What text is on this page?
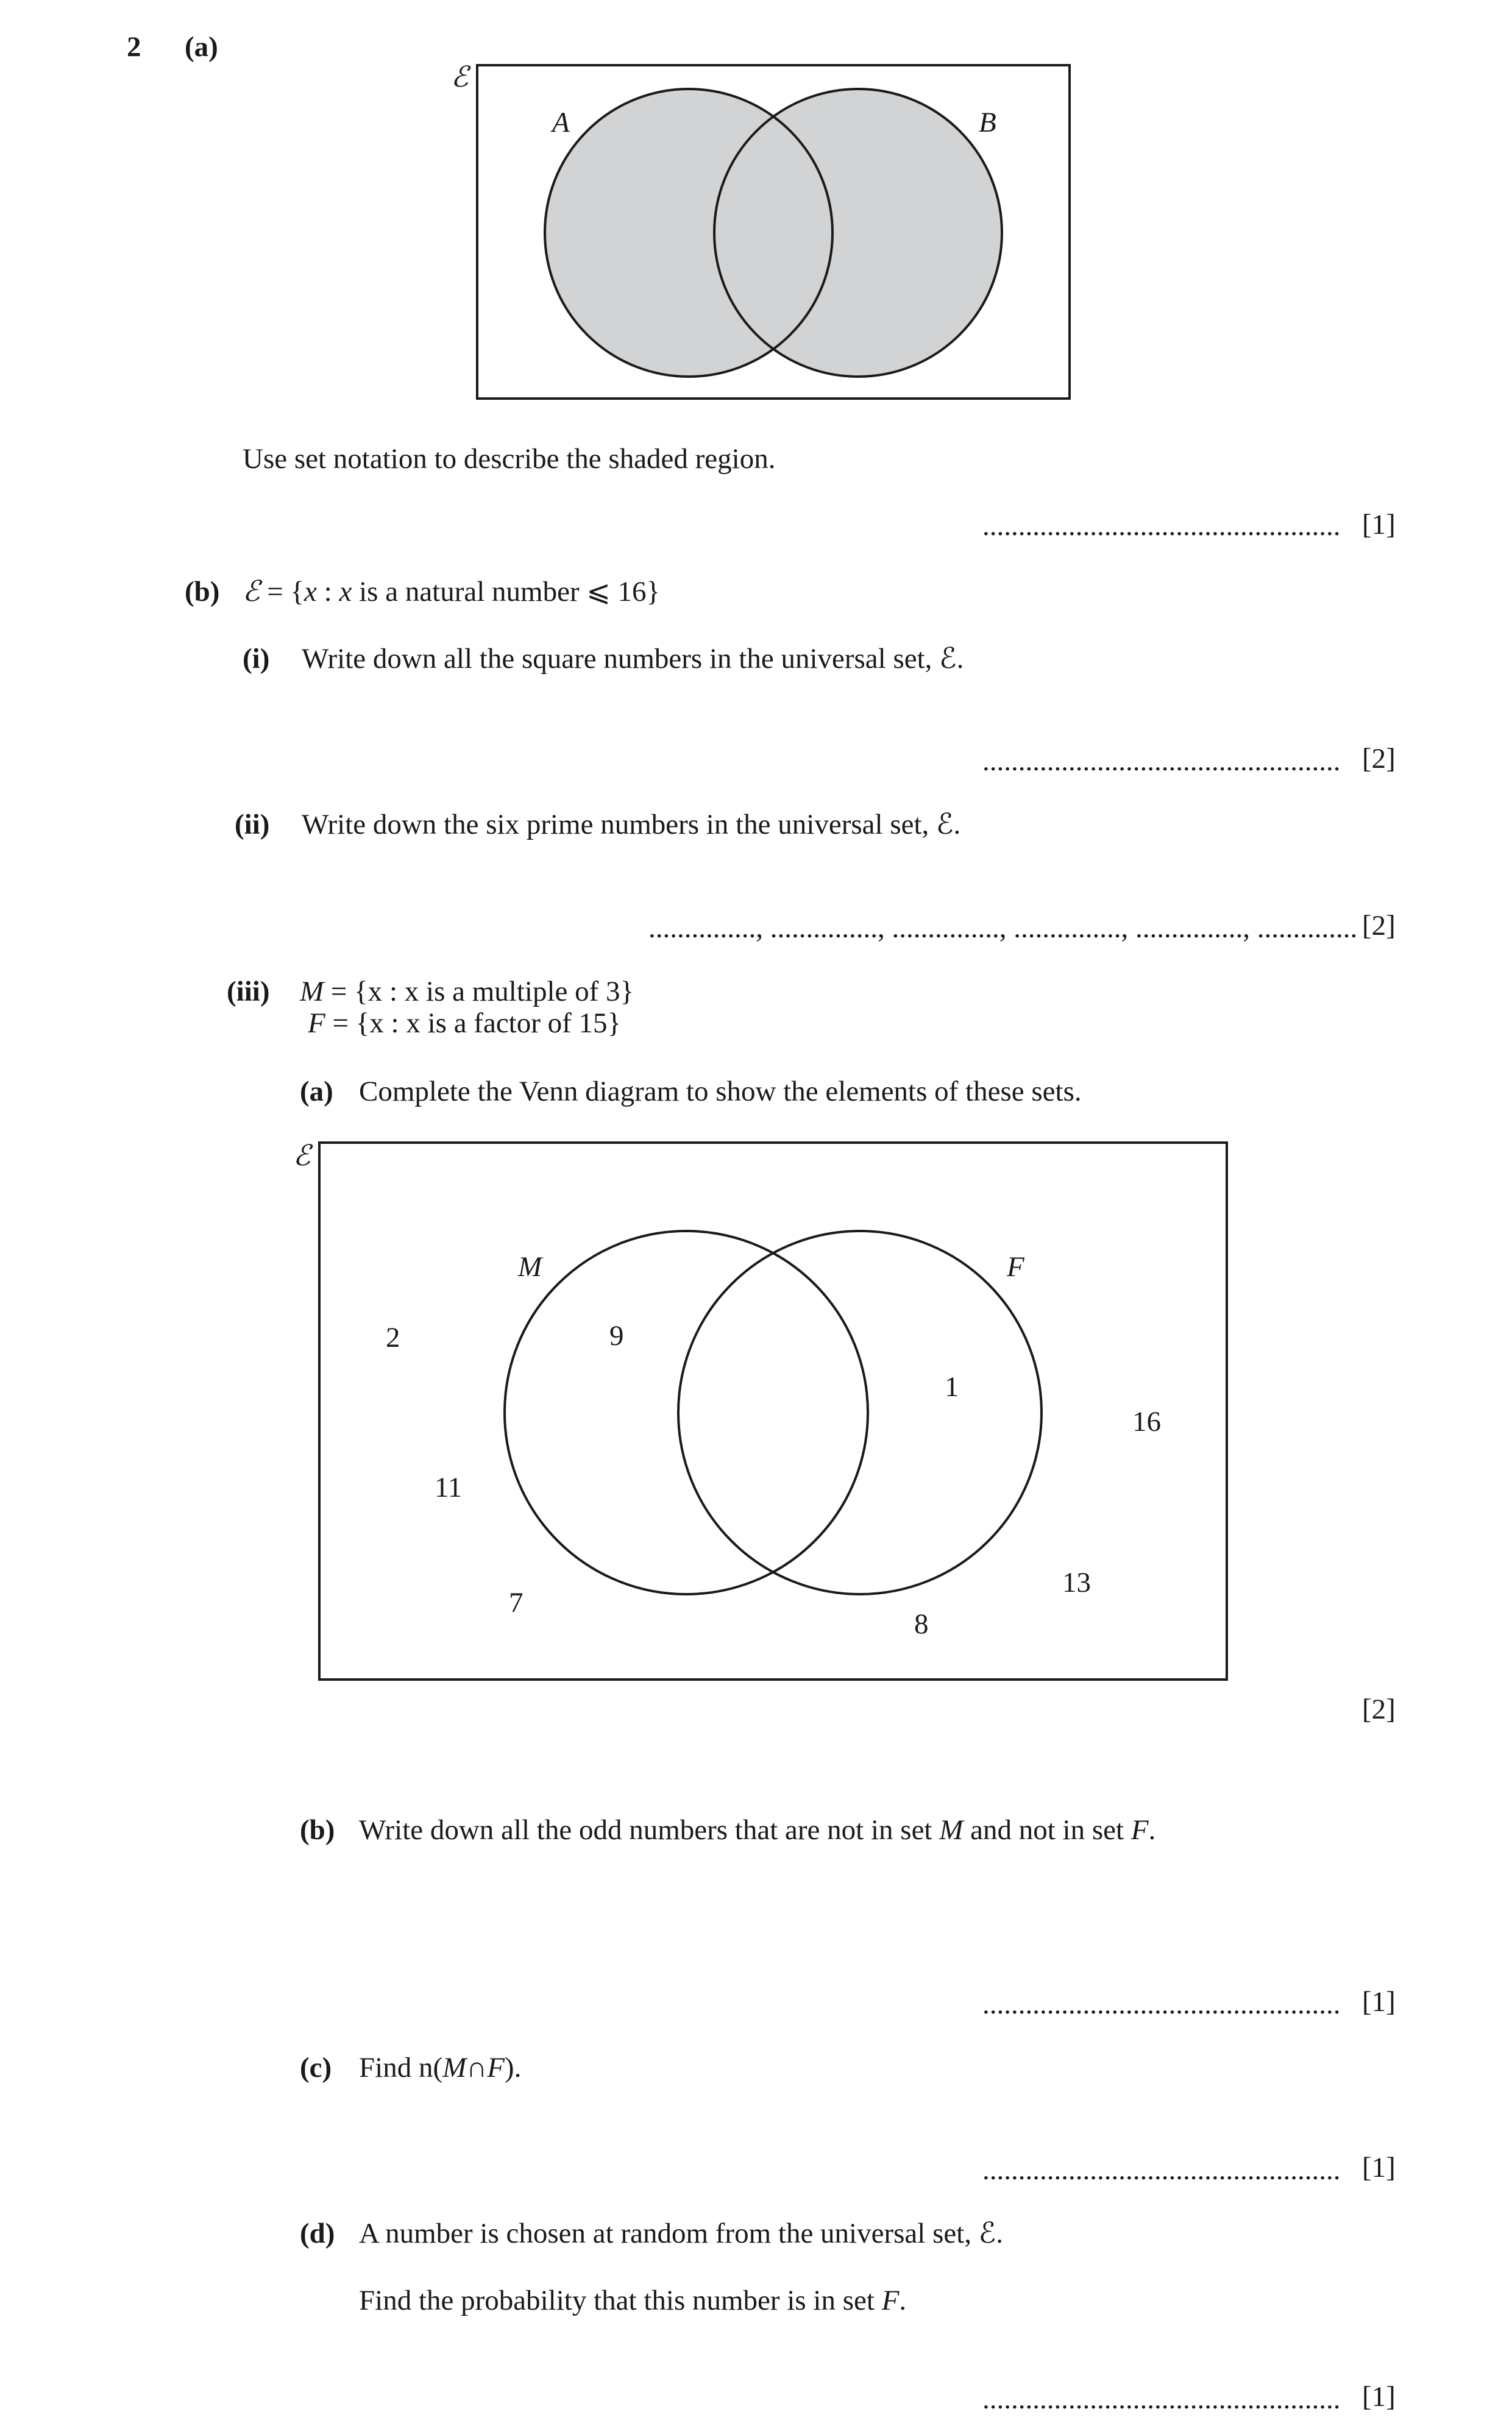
2 (a)
ℰ
A	B
Use set notation to describe the shaded region.
.................................................. [1]
(b) ℰ = {x : x is a natural number ⩽ 16}
(i) Write down all the square numbers in the universal set, ℰ.
.................................................. [2]
(ii) Write down the six prime numbers in the universal set, ℰ.
..............., ..............., ..............., ..............., ..............., .............. [2]
(iii) M = {x : x is a multiple of 3}
F = {x : x is a factor of 15}
(a) Complete the Venn diagram to show the elements of these sets.
ℰ
M	F
2	9
1
16
11
13
7
8
[2]
(b) Write down all the odd numbers that are not in set M and not in set F.
.................................................. [1]
(c) Find n(M∩F).
.................................................. [1]
(d) A number is chosen at random from the universal set, ℰ.
Find the probability that this number is in set F.
.................................................. [1]
